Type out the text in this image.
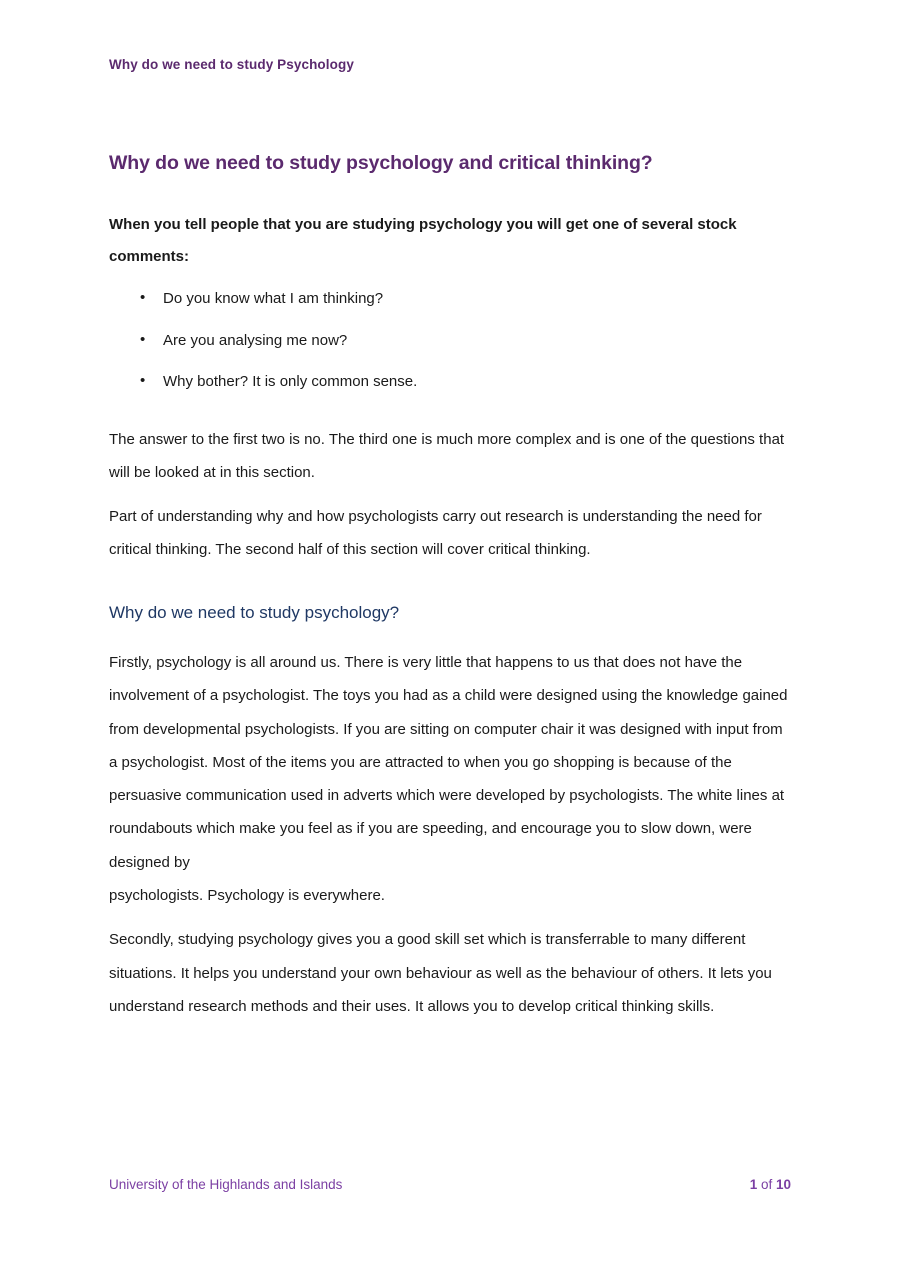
Why do we need to study Psychology
Why do we need to study psychology and critical thinking?

When you tell people that you are studying psychology you will get one of several stock comments:

• Do you know what I am thinking?
• Are you analysing me now?
• Why bother? It is only common sense.

The answer to the first two is no. The third one is much more complex and is one of the questions that will be looked at in this section.

Part of understanding why and how psychologists carry out research is understanding the need for critical thinking. The second half of this section will cover critical thinking.

Why do we need to study psychology?

Firstly, psychology is all around us. There is very little that happens to us that does not have the involvement of a psychologist. The toys you had as a child were designed using the knowledge gained from developmental psychologists. If you are sitting on computer chair it was designed with input from a psychologist. Most of the items you are attracted to when you go shopping is because of the persuasive communication used in adverts which were developed by psychologists. The white lines at roundabouts which make you feel as if you are speeding, and encourage you to slow down, were designed by
psychologists. Psychology is everywhere.

Secondly, studying psychology gives you a good skill set which is transferrable to many different situations. It helps you understand your own behaviour as well as the behaviour of others. It lets you understand research methods and their uses. It allows you to develop critical thinking skills.

University of the Highlands and Islands	1 of 10
